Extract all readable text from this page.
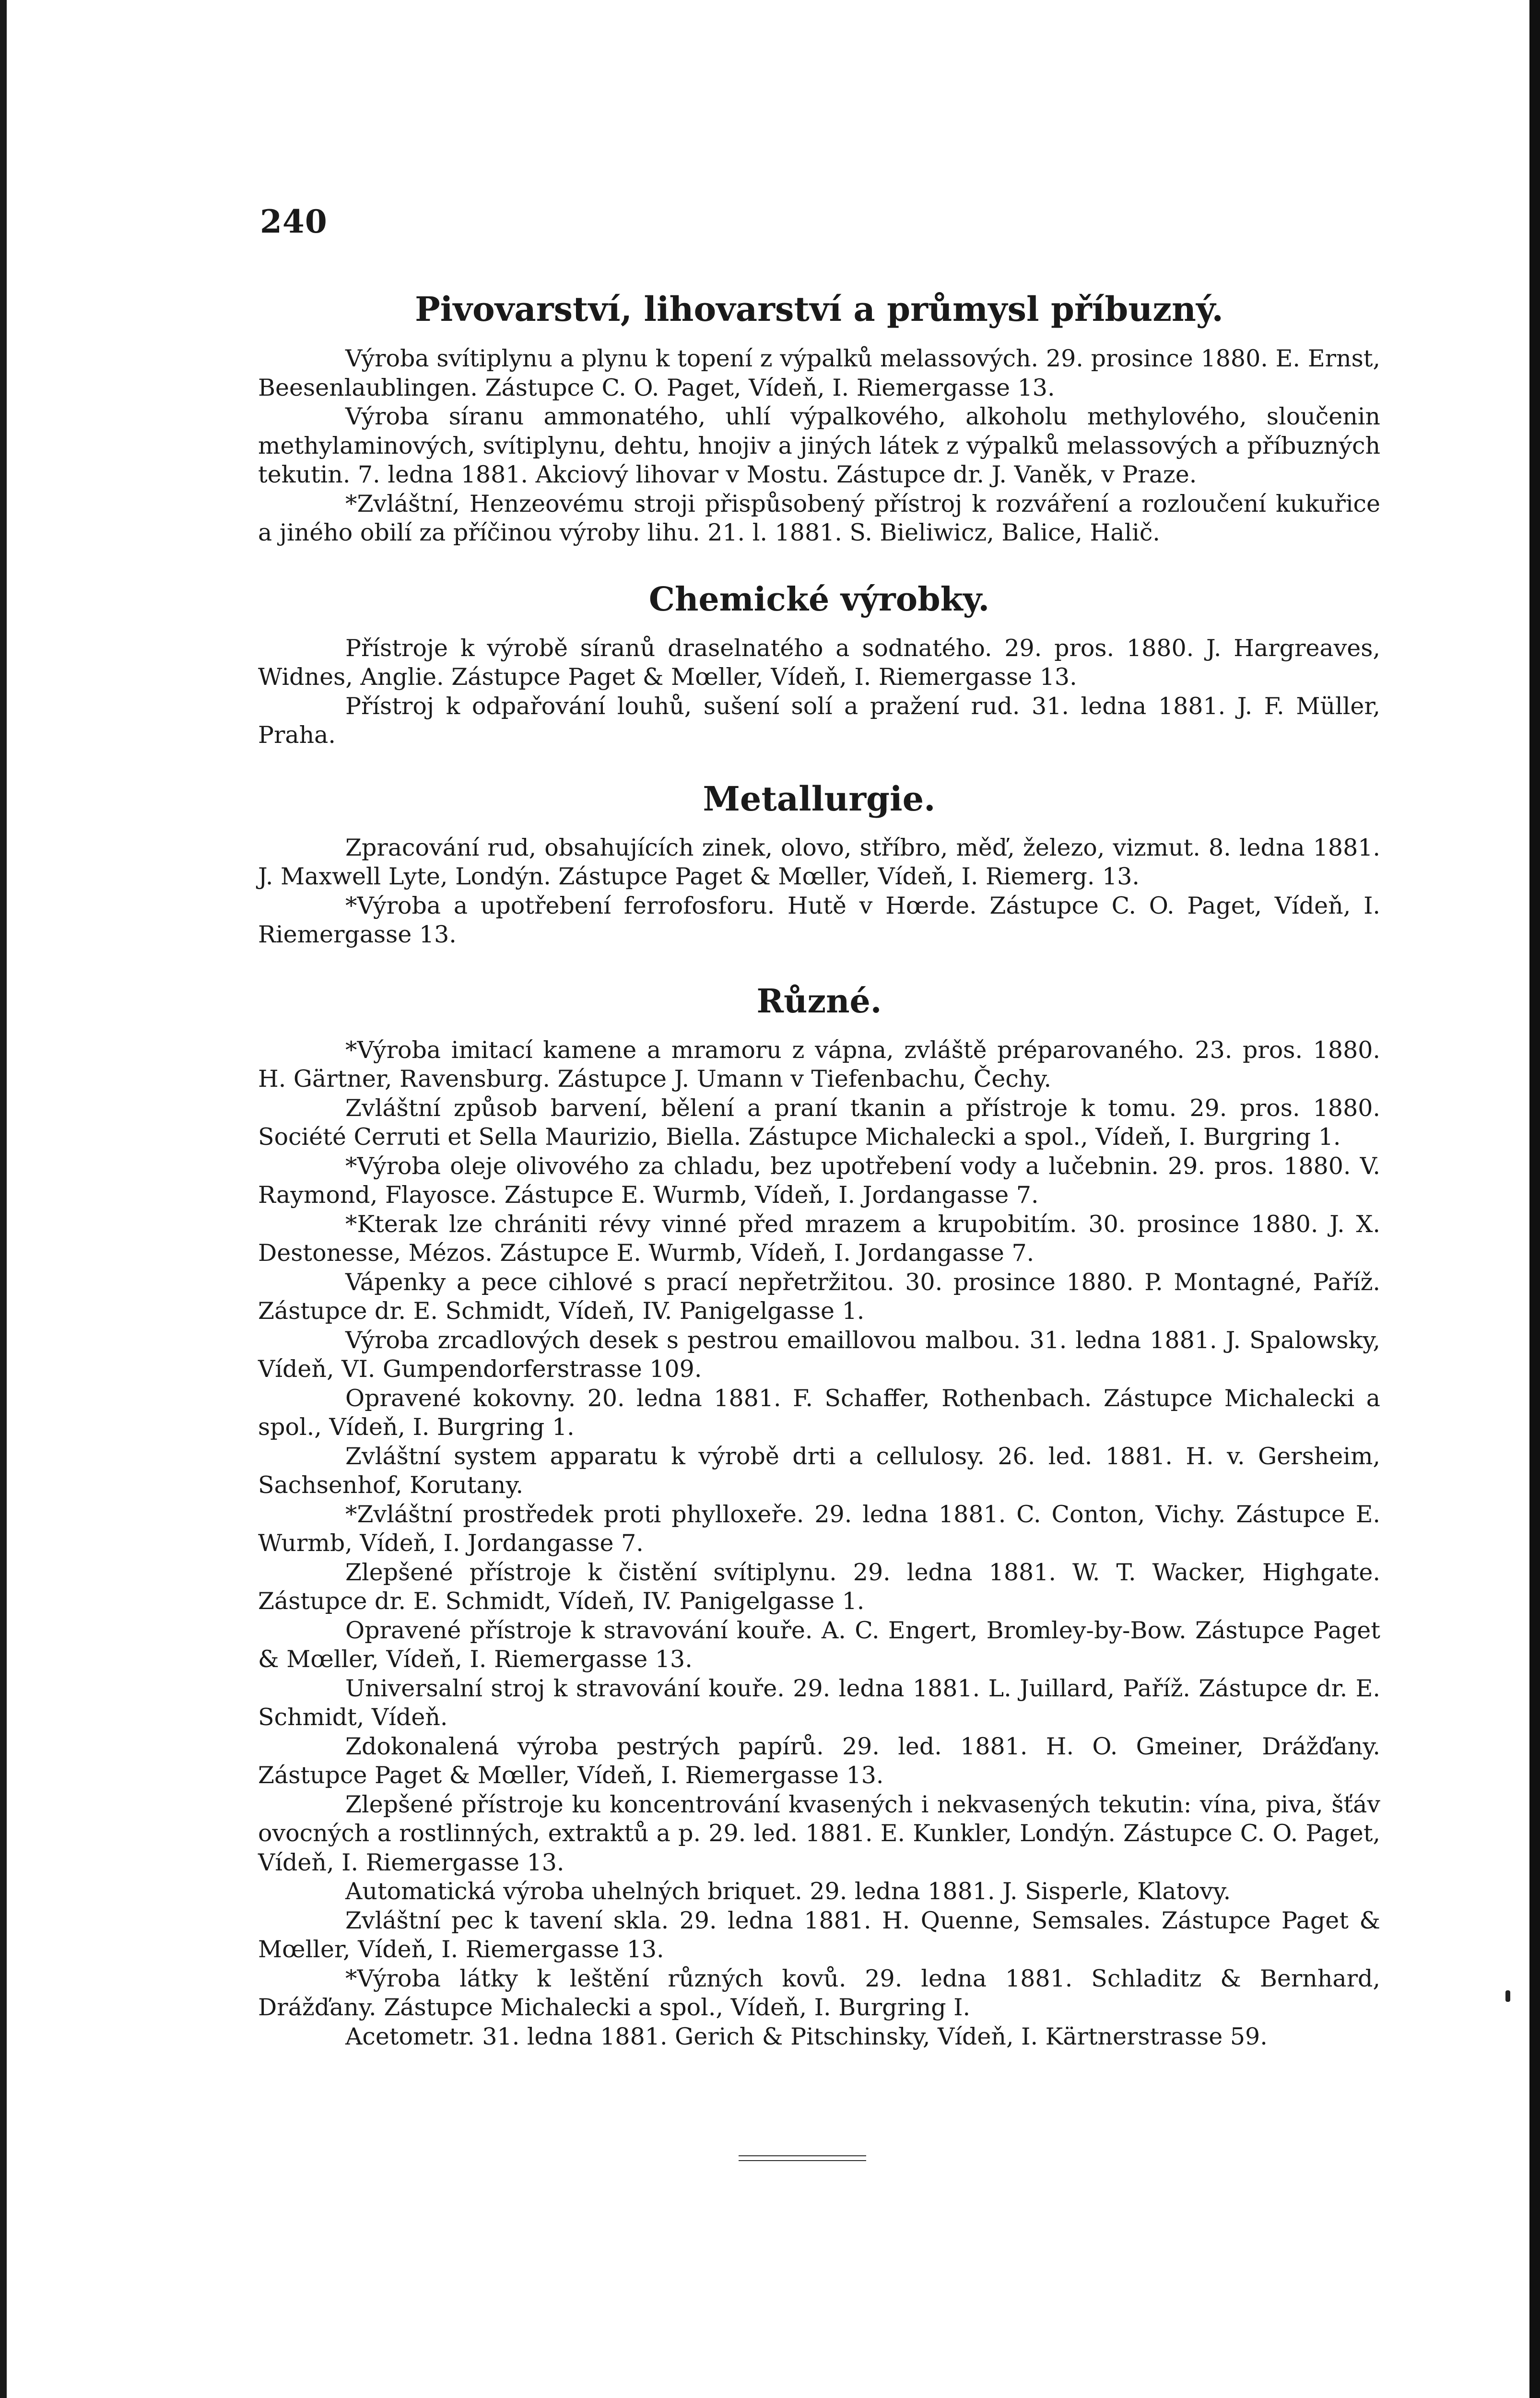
240
Pivovarství, lihovarství a průmysl příbuzný.

Výroba svítiplynu a plynu k topení z výpalků melassových. 29. prosince 1880. E. Ernst, Beesenlaublingen. Zástupce C. O. Paget, Vídeň, I. Riemergasse 13.

Výroba síranu ammonatého, uhlí výpalkového, alkoholu methylového, sloučenin methylaminových, svítiplynu, dehtu, hnojiv a jiných látek z výpalků melassových a příbuzných tekutin. 7. ledna 1881. Akciový lihovar v Mostu. Zástupce dr. J. Vaněk, v Praze.

*Zvláštní, Henzeovému stroji přispůsobený přístroj k rozváření a rozloučení kukuřice a jiného obilí za příčinou výroby lihu. 21. l. 1881. S. Bieliwicz, Balice, Halič.

Chemické výrobky.

Přístroje k výrobě síranů draselnatého a sodnatého. 29. pros. 1880. J. Hargreaves, Widnes, Anglie. Zástupce Paget & Mœller, Vídeň, I. Riemergasse 13.

Přístroj k odpařování louhů, sušení solí a pražení rud. 31. ledna 1881. J. F. Müller, Praha.

Metallurgie.

Zpracování rud, obsahujících zinek, olovo, stříbro, měď, železo, vizmut. 8. ledna 1881. J. Maxwell Lyte, Londýn. Zástupce Paget & Mœller, Vídeň, I. Riemerg. 13.

*Výroba a upotřebení ferrofosforu. Hutě v Hœrde. Zástupce C. O. Paget, Vídeň, I. Riemergasse 13.

Různé.

*Výroba imitací kamene a mramoru z vápna, zvláště préparovaného. 23. pros. 1880. H. Gärtner, Ravensburg. Zástupce J. Umann v Tiefenbachu, Čechy.

Zvláštní způsob barvení, bělení a praní tkanin a přístroje k tomu. 29. pros. 1880. Société Cerruti et Sella Maurizio, Biella. Zástupce Michalecki a spol., Vídeň, I. Burgring 1.

*Výroba oleje olivového za chladu, bez upotřebení vody a lučebnin. 29. pros. 1880. V. Raymond, Flayosce. Zástupce E. Wurmb, Vídeň, I. Jordangasse 7.

*Kterak lze chrániti révy vinné před mrazem a krupobitím. 30. prosince 1880. J. X. Destonesse, Mézos. Zástupce E. Wurmb, Vídeň, I. Jordangasse 7.

Vápenky a pece cihlové s prací nepřetržitou. 30. prosince 1880. P. Montagné, Paříž. Zástupce dr. E. Schmidt, Vídeň, IV. Panigelgasse 1.

Výroba zrcadlových desek s pestrou emaillovou malbou. 31. ledna 1881. J. Spalowsky, Vídeň, VI. Gumpendorferstrasse 109.

Opravené kokovny. 20. ledna 1881. F. Schaffer, Rothenbach. Zástupce Michalecki a spol., Vídeň, I. Burgring 1.

Zvláštní system apparatu k výrobě drti a cellulosy. 26. led. 1881. H. v. Gersheim, Sachsenhof, Korutany.

*Zvláštní prostředek proti phylloxeře. 29. ledna 1881. C. Conton, Vichy. Zástupce E. Wurmb, Vídeň, I. Jordangasse 7.

Zlepšené přístroje k čistění svítiplynu. 29. ledna 1881. W. T. Wacker, Highgate. Zástupce dr. E. Schmidt, Vídeň, IV. Panigelgasse 1.

Opravené přístroje k stravování kouře. A. C. Engert, Bromley-by-Bow. Zástupce Paget & Mœller, Vídeň, I. Riemergasse 13.

Universalní stroj k stravování kouře. 29. ledna 1881. L. Juillard, Paříž. Zástupce dr. E. Schmidt, Vídeň.

Zdokonalená výroba pestrých papírů. 29. led. 1881. H. O. Gmeiner, Drážďany. Zástupce Paget & Mœller, Vídeň, I. Riemergasse 13.

Zlepšené přístroje ku koncentrování kvasených i nekvasených tekutin: vína, piva, šťáv ovocných a rostlinných, extraktů a p. 29. led. 1881. E. Kunkler, Londýn. Zástupce C. O. Paget, Vídeň, I. Riemergasse 13.

Automatická výroba uhelných briquet. 29. ledna 1881. J. Sisperle, Klatovy.

Zvláštní pec k tavení skla. 29. ledna 1881. H. Quenne, Semsales. Zástupce Paget & Mœller, Vídeň, I. Riemergasse 13.

*Výroba látky k leštění různých kovů. 29. ledna 1881. Schladitz & Bernhard, Drážďany. Zástupce Michalecki a spol., Vídeň, I. Burgring I.

Acetometr. 31. ledna 1881. Gerich & Pitschinsky, Vídeň, I. Kärtnerstrasse 59.
